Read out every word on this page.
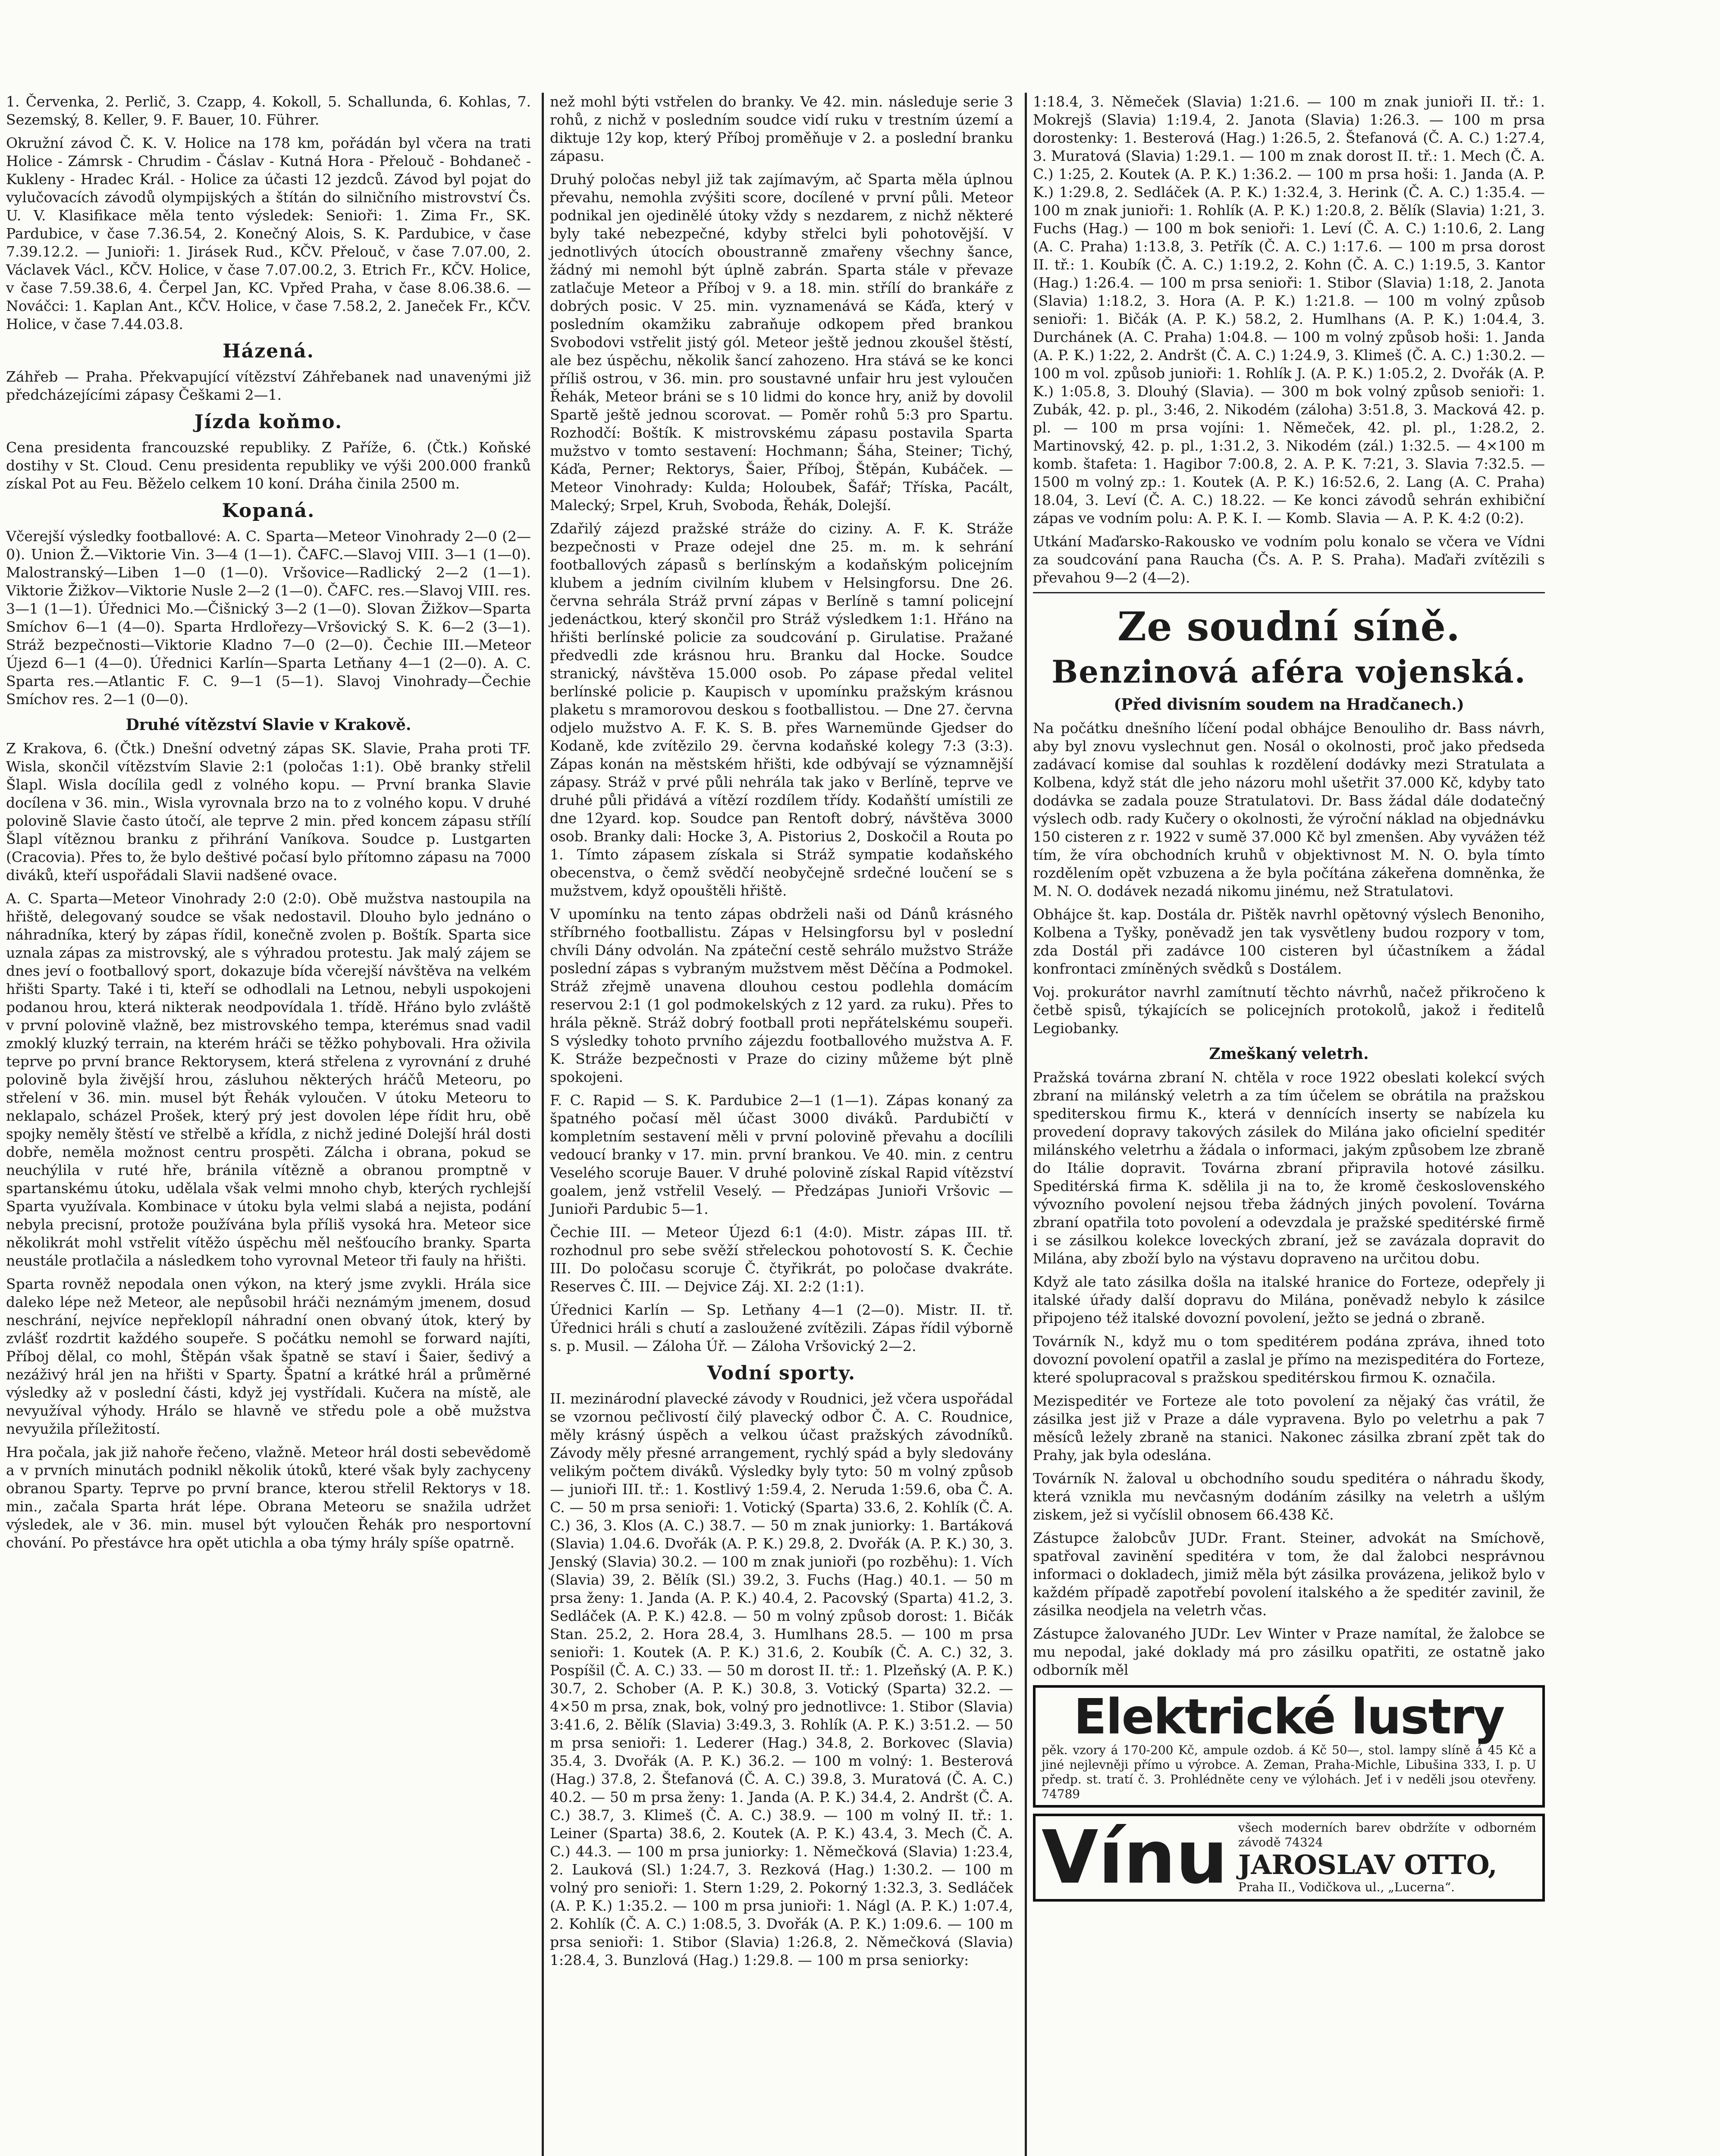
1. Červenka, 2. Perlič, 3. Czapp, 4. Kokoll, 5. Schallunda, 6. Kohlas, 7. Sezemský, 8. Keller, 9. F. Bauer, 10. Führer.
Okružní závod Č. K. V. Holice na 178 km, pořádán byl včera na trati Holice - Zámrsk - Chrudim - Čáslav - Kutná Hora - Přelouč - Bohdaneč - Kukleny - Hradec Král. - Holice za účasti 12 jezdců. Závod byl pojat do vylučovacích závodů olympijských a štítán do silničního mistrovství Čs. U. V. Klasifikace měla tento výsledek: Senioři: 1. Zima Fr., SK. Pardubice, v čase 7.36.54, 2. Konečný Alois, S. K. Pardubice, v čase 7.39.12.2. — Junioři: 1. Jirásek Rud., KČV. Přelouč, v čase 7.07.00, 2. Václavek Václ., KČV. Holice, v čase 7.07.00.2, 3. Etrich Fr., KČV. Holice, v čase 7.59.38.6, 4. Čerpel Jan, KC. Vpřed Praha, v čase 8.06.38.6. — Nováčci: 1. Kaplan Ant., KČV. Holice, v čase 7.58.2, 2. Janeček Fr., KČV. Holice, v čase 7.44.03.8.
Házená.
Záhřeb — Praha. Překvapující vítězství Záhřebanek nad unavenými již předcházejícími zápasy Češkami 2—1.
Jízda koňmo.
Cena presidenta francouzské republiky. Z Paříže, 6. (Čtk.) Koňské dostihy v St. Cloud. Cenu presidenta republiky ve výši 200.000 franků získal Pot au Feu. Běželo celkem 10 koní. Dráha činila 2500 m.
Kopaná.
Včerejší výsledky footballové: A. C. Sparta—Meteor Vinohrady 2—0 (2—0). Union Ž.—Viktorie Vin. 3—4 (1—1). ČAFC.—Slavoj VIII. 3—1 (1—0). Malostranský—Liben 1—0 (1—0). Vršovice—Radlický 2—2 (1—1). Viktorie Žižkov—Viktorie Nusle 2—2 (1—0). ČAFC. res.—Slavoj VIII. res. 3—1 (1—1). Úřednici Mo.—Čišnický 3—2 (1—0). Slovan Žižkov—Sparta Smíchov 6—1 (4—0). Sparta Hrdlořezy—Vršovický S. K. 6—2 (3—1). Stráž bezpečnosti—Viktorie Kladno 7—0 (2—0). Čechie III.—Meteor Újezd 6—1 (4—0). Úřednici Karlín—Sparta Letňany 4—1 (2—0). A. C. Sparta res.—Atlantic F. C. 9—1 (5—1). Slavoj Vinohrady—Čechie Smíchov res. 2—1 (0—0).
Druhé vítězství Slavie v Krakově.
Z Krakova, 6. (Čtk.) Dnešní odvetný zápas SK. Slavie, Praha proti TF. Wisla, skončil vítězstvím Slavie 2:1 (poločas 1:1). Obě branky střelil Šlapl. Wisla docílila gedl z volného kopu. — První branka Slavie docílena v 36. min., Wisla vyrovnala brzo na to z volného kopu. V druhé polovině Slavie často útočí, ale teprve 2 min. před koncem zápasu střílí Šlapl vítěznou branku z přihrání Vaníkova. Soudce p. Lustgarten (Cracovia). Přes to, že bylo deštivé počasí bylo přítomno zápasu na 7000 diváků, kteří uspořádali Slavii nadšené ovace.
A. C. Sparta—Meteor Vinohrady 2:0 (2:0). Obě mužstva nastoupila na hřiště, delegovaný soudce se však nedostavil. Dlouho bylo jednáno o náhradníka, který by zápas řídil, konečně zvolen p. Boštík. Sparta sice uznala zápas za mistrovský, ale s výhradou protestu. Jak malý zájem se dnes jeví o footballový sport, dokazuje bída včerejší návštěva na velkém hřišti Sparty. Také i ti, kteří se odhodlali na Letnou, nebyli uspokojeni podanou hrou, která nikterak neodpovídala 1. třídě. Hřáno bylo zvláště v první polovině vlažně, bez mistrovského tempa, kterémus snad vadil zmoklý kluzký terrain, na kterém hráči se těžko pohybovali. Hra oživila teprve po první brance Rektorysem, která střelena z vyrovnání z druhé polovině byla živější hrou, zásluhou některých hráčů Meteoru, po střelení v 36. min. musel být Řehák vyloučen. V útoku Meteoru to neklapalo, scházel Prošek, který prý jest dovolen lépe řídit hru, obě spojky neměly štěstí ve střelbě a křídla, z nichž jediné Dolejší hrál dosti dobře, neměla možnost centru prospěti. Zálcha i obrana, pokud se neuchýlila v ruté hře, bránila vítězně a obranou promptně v spartanskému útoku, udělala však velmi mnoho chyb, kterých rychlejší Sparta využívala. Kombinace v útoku byla velmi slabá a nejista, podání nebyla precisní, protože používána byla příliš vysoká hra. Meteor sice několikrát mohl vstřelit vítěžo úspěchu měl nešťoucího branky. Sparta neustále protlačila a následkem toho vyrovnal Meteor tři fauly na hřišti.
Sparta rovněž nepodala onen výkon, na který jsme zvykli. Hrála sice daleko lépe než Meteor, ale nepůsobil hráči neznámým jmenem, dosud neschrání, nejvíce nepřeklopíl náhradní onen obvaný útok, který by zvlášť rozdrtit každého soupeře. S počátku nemohl se forward najíti, Příboj dělal, co mohl, Štěpán však špatně se staví i Šaier, šedivý a nezáživý hrál jen na hřišti v Sparty. Špatní a krátké hrál a průměrné výsledky až v poslední části, když jej vystřídali. Kučera na místě, ale nevyužíval výhody. Hrálo se hlavně ve středu pole a obě mužstva nevyužila příležitostí.
Hra počala, jak již nahoře řečeno, vlažně. Meteor hrál dosti sebevědomě a v prvních minutách podnikl několik útoků, které však byly zachyceny obranou Sparty. Teprve po první brance, kterou střelil Rektorys v 18. min., začala Sparta hrát lépe. Obrana Meteoru se snažila udržet výsledek, ale v 36. min. musel být vyloučen Řehák pro nesportovní chování. Po přestávce hra opět utichla a oba týmy hrály spíše opatrně.
než mohl býti vstřelen do branky. Ve 42. min. následuje serie 3 rohů, z nichž v posledním soudce vidí ruku v trestním území a diktuje 12y kop, který Příboj proměňuje v 2. a poslední branku zápasu.
Druhý poločas nebyl již tak zajímavým, ač Sparta měla úplnou převahu, nemohla zvýšiti score, docílené v první půli. Meteor podnikal jen ojedinělé útoky vždy s nezdarem, z nichž některé byly také nebezpečné, kdyby střelci byli pohotovější. V jednotlivých útocích oboustranně zmařeny všechny šance, žádný mi nemohl být úplně zabrán. Sparta stále v převaze zatlačuje Meteor a Příboj v 9. a 18. min. střílí do brankáře z dobrých posic. V 25. min. vyznamenává se Káďa, který v posledním okamžiku zabraňuje odkopem před brankou Svobodovi vstřelit jistý gól. Meteor ještě jednou zkoušel štěstí, ale bez úspěchu, několik šancí zahozeno. Hra stává se ke konci příliš ostrou, v 36. min. pro soustavné unfair hru jest vyloučen Řehák, Meteor bráni se s 10 lidmi do konce hry, aniž by dovolil Spartě ještě jednou scorovat. — Poměr rohů 5:3 pro Spartu. Rozhodčí: Boštík. K mistrovskému zápasu postavila Sparta mužstvo v tomto sestavení: Hochmann; Šáha, Steiner; Tichý, Káďa, Perner; Rektorys, Šaier, Příboj, Štěpán, Kubáček. — Meteor Vinohrady: Kulda; Holoubek, Šafář; Tříska, Pacált, Malecký; Srpel, Kruh, Svoboda, Řehák, Dolejší.
Zdařilý zájezd pražské stráže do ciziny. A. F. K. Stráže bezpečnosti v Praze odejel dne 25. m. m. k sehrání footballových zápasů s berlínským a kodaňským policejním klubem a jedním civilním klubem v Helsingforsu. Dne 26. června sehrála Stráž první zápas v Berlíně s tamní policejní jedenáctkou, který skončil pro Stráž výsledkem 1:1. Hřáno na hřišti berlínské policie za soudcování p. Girulatise. Pražané předvedli zde krásnou hru. Branku dal Hocke. Soudce stranický, návštěva 15.000 osob. Po zápase předal velitel berlínské policie p. Kaupisch v upomínku pražským krásnou plaketu s mramorovou deskou s footballistou. — Dne 27. června odjelo mužstvo A. F. K. S. B. přes Warnemünde Gjedser do Kodaně, kde zvítězilo 29. června kodaňské kolegy 7:3 (3:3). Zápas konán na městském hřišti, kde odbývají se významnější zápasy. Stráž v prvé půli nehrála tak jako v Berlíně, teprve ve druhé půli přidává a vítězí rozdílem třídy. Kodaňští umístili ze dne 12yard. kop. Soudce pan Rentoft dobrý, návštěva 3000 osob. Branky dali: Hocke 3, A. Pistorius 2, Doskočil a Routa po 1. Tímto zápasem získala si Stráž sympatie kodaňského obecenstva, o čemž svědčí neobyčejně srdečné loučení se s mužstvem, když opouštěli hřiště.
V upomínku na tento zápas obdrželi naši od Dánů krásného stříbrného footballistu. Zápas v Helsingforsu byl v poslední chvíli Dány odvolán. Na zpáteční cestě sehrálo mužstvo Stráže poslední zápas s vybraným mužstvem měst Děčína a Podmokel. Stráž zřejmě unavena dlouhou cestou podlehla domácím reservou 2:1 (1 gol podmokelských z 12 yard. za ruku). Přes to hrála pěkně. Stráž dobrý football proti nepřátelskému soupeři. S výsledky tohoto prvního zájezdu footballového mužstva A. F. K. Stráže bezpečnosti v Praze do ciziny můžeme být plně spokojeni.
F. C. Rapid — S. K. Pardubice 2—1 (1—1). Zápas konaný za špatného počasí měl účast 3000 diváků. Pardubičtí v kompletním sestavení měli v první polovině převahu a docílili vedoucí branky v 17. min. první brankou. Ve 40. min. z centru Veselého scoruje Bauer. V druhé polovině získal Rapid vítězství goalem, jenž vstřelil Veselý. — Předzápas Junioři Vršovic — Junioři Pardubic 5—1.
Čechie III. — Meteor Újezd 6:1 (4:0). Mistr. zápas III. tř. rozhodnul pro sebe svěží střeleckou pohotovostí S. K. Čechie III. Do poločasu scoruje Č. čtyřikrát, po poločase dvakráte. Reserves Č. III. — Dejvice Záj. XI. 2:2 (1:1).
Úřednici Karlín — Sp. Letňany 4—1 (2—0). Mistr. II. tř. Úřednici hráli s chutí a zasloužené zvítězili. Zápas řídil výborně s. p. Musil. — Záloha Úř. — Záloha Vršovický 2—2.
Vodní sporty.
II. mezinárodní plavecké závody v Roudnici, jež včera uspořádal se vzornou pečlivostí čilý plavecký odbor Č. A. C. Roudnice, měly krásný úspěch a velkou účast pražských závodníků. Závody měly přesné arrangement, rychlý spád a byly sledovány velikým počtem diváků. Výsledky byly tyto: 50 m volný způsob — junioři III. tř.: 1. Kostlivý 1:59.4, 2. Neruda 1:59.6, oba Č. A. C. — 50 m prsa senioři: 1. Votický (Sparta) 33.6, 2. Kohlík (Č. A. C.) 36, 3. Klos (A. C.) 38.7. — 50 m znak juniorky: 1. Bartáková (Slavia) 1.04.6. Dvořák (A. P. K.) 29.8, 2. Dvořák (A. P. K.) 30, 3. Jenský (Slavia) 30.2. — 100 m znak junioři (po rozběhu): 1. Vích (Slavia) 39, 2. Bělík (Sl.) 39.2, 3. Fuchs (Hag.) 40.1. — 50 m prsa ženy: 1. Janda (A. P. K.) 40.4, 2. Pacovský (Sparta) 41.2, 3. Sedláček (A. P. K.) 42.8. — 50 m volný způsob dorost: 1. Bičák Stan. 25.2, 2. Hora 28.4, 3. Humlhans 28.5. — 100 m prsa senioři: 1. Koutek (A. P. K.) 31.6, 2. Koubík (Č. A. C.) 32, 3. Pospíšil (Č. A. C.) 33. — 50 m dorost II. tř.: 1. Plzeňský (A. P. K.) 30.7, 2. Schober (A. P. K.) 30.8, 3. Votický (Sparta) 32.2. — 4×50 m prsa, znak, bok, volný pro jednotlivce: 1. Stibor (Slavia) 3:41.6, 2. Bělík (Slavia) 3:49.3, 3. Rohlík (A. P. K.) 3:51.2. — 50 m prsa senioři: 1. Lederer (Hag.) 34.8, 2. Borkovec (Slavia) 35.4, 3. Dvořák (A. P. K.) 36.2. — 100 m volný: 1. Besterová (Hag.) 37.8, 2. Štefanová (Č. A. C.) 39.8, 3. Muratová (Č. A. C.) 40.2. — 50 m prsa ženy: 1. Janda (A. P. K.) 34.4, 2. Andršt (Č. A. C.) 38.7, 3. Klimeš (Č. A. C.) 38.9. — 100 m volný II. tř.: 1. Leiner (Sparta) 38.6, 2. Koutek (A. P. K.) 43.4, 3. Mech (Č. A. C.) 44.3. — 100 m prsa juniorky: 1. Němečková (Slavia) 1:23.4, 2. Lauková (Sl.) 1:24.7, 3. Rezková (Hag.) 1:30.2. — 100 m volný pro senioři: 1. Stern 1:29, 2. Pokorný 1:32.3, 3. Sedláček (A. P. K.) 1:35.2. — 100 m prsa junioři: 1. Nágl (A. P. K.) 1:07.4, 2. Kohlík (Č. A. C.) 1:08.5, 3. Dvořák (A. P. K.) 1:09.6. — 100 m prsa senioři: 1. Stibor (Slavia) 1:26.8, 2. Němečková (Slavia) 1:28.4, 3. Bunzlová (Hag.) 1:29.8. — 100 m prsa seniorky:
1:18.4, 3. Němeček (Slavia) 1:21.6. — 100 m znak junioři II. tř.: 1. Mokrejš (Slavia) 1:19.4, 2. Janota (Slavia) 1:26.3. — 100 m prsa dorostenky: 1. Besterová (Hag.) 1:26.5, 2. Štefanová (Č. A. C.) 1:27.4, 3. Muratová (Slavia) 1:29.1. — 100 m znak dorost II. tř.: 1. Mech (Č. A. C.) 1:25, 2. Koutek (A. P. K.) 1:36.2. — 100 m prsa hoši: 1. Janda (A. P. K.) 1:29.8, 2. Sedláček (A. P. K.) 1:32.4, 3. Herink (Č. A. C.) 1:35.4. — 100 m znak junioři: 1. Rohlík (A. P. K.) 1:20.8, 2. Bělík (Slavia) 1:21, 3. Fuchs (Hag.) — 100 m bok senioři: 1. Leví (Č. A. C.) 1:10.6, 2. Lang (A. C. Praha) 1:13.8, 3. Petřík (Č. A. C.) 1:17.6. — 100 m prsa dorost II. tř.: 1. Koubík (Č. A. C.) 1:19.2, 2. Kohn (Č. A. C.) 1:19.5, 3. Kantor (Hag.) 1:26.4. — 100 m prsa senioři: 1. Stibor (Slavia) 1:18, 2. Janota (Slavia) 1:18.2, 3. Hora (A. P. K.) 1:21.8. — 100 m volný způsob senioři: 1. Bičák (A. P. K.) 58.2, 2. Humlhans (A. P. K.) 1:04.4, 3. Durchánek (A. C. Praha) 1:04.8. — 100 m volný způsob hoši: 1. Janda (A. P. K.) 1:22, 2. Andršt (Č. A. C.) 1:24.9, 3. Klimeš (Č. A. C.) 1:30.2. — 100 m vol. způsob junioři: 1. Rohlík J. (A. P. K.) 1:05.2, 2. Dvořák (A. P. K.) 1:05.8, 3. Dlouhý (Slavia). — 300 m bok volný způsob senioři: 1. Zubák, 42. p. pl., 3:46, 2. Nikodém (záloha) 3:51.8, 3. Macková 42. p. pl. — 100 m prsa vojíni: 1. Němeček, 42. pl. pl., 1:28.2, 2. Martinovský, 42. p. pl., 1:31.2, 3. Nikodém (zál.) 1:32.5. — 4×100 m komb. štafeta: 1. Hagibor 7:00.8, 2. A. P. K. 7:21, 3. Slavia 7:32.5. — 1500 m volný zp.: 1. Koutek (A. P. K.) 16:52.6, 2. Lang (A. C. Praha) 18.04, 3. Leví (Č. A. C.) 18.22. — Ke konci závodů sehrán exhibiční zápas ve vodním polu: A. P. K. I. — Komb. Slavia — A. P. K. 4:2 (0:2).
Utkání Maďarsko-Rakousko ve vodním polu konalo se včera ve Vídni za soudcování pana Raucha (Čs. A. P. S. Praha). Maďaři zvítězili s převahou 9—2 (4—2).
Ze soudní síně.
Benzinová aféra vojenská.
(Před divisním soudem na Hradčanech.)
Na počátku dnešního líčení podal obhájce Benouliho dr. Bass návrh, aby byl znovu vyslechnut gen. Nosál o okolnosti, proč jako předseda zadávací komise dal souhlas k rozdělení dodávky mezi Stratulata a Kolbena, když stát dle jeho názoru mohl ušetřit 37.000 Kč, kdyby tato dodávka se zadala pouze Stratulatovi. Dr. Bass žádal dále dodatečný výslech odb. rady Kučery o okolnosti, že výroční náklad na objednávku 150 cisteren z r. 1922 v sumě 37.000 Kč byl zmenšen. Aby vyvážen též tím, že víra obchodních kruhů v objektivnost M. N. O. byla tímto rozdělením opět vzbuzena a že byla počítána zákeřena domněnka, že M. N. O. dodávek nezadá nikomu jinému, než Stratulatovi.
Obhájce št. kap. Dostála dr. Pištěk navrhl opětovný výslech Benoniho, Kolbena a Tyšky, poněvadž jen tak vysvětleny budou rozpory v tom, zda Dostál při zadávce 100 cisteren byl účastníkem a žádal konfrontaci zmíněných svědků s Dostálem.
Voj. prokurátor navrhl zamítnutí těchto návrhů, načež přikročeno k četbě spisů, týkajících se policejních protokolů, jakož i ředitelů Legiobanky.
Zmeškaný veletrh.
Pražská továrna zbraní N. chtěla v roce 1922 obeslati kolekcí svých zbraní na milánský veletrh a za tím účelem se obrátila na pražskou spediterskou firmu K., která v dennících inserty se nabízela ku provedení dopravy takových zásilek do Milána jako oficielní speditér milánského veletrhu a žádala o informaci, jakým způsobem lze zbraně do Itálie dopravit. Továrna zbraní připravila hotové zásilku. Speditérská firma K. sdělila ji na to, že kromě československého vývozního povolení nejsou třeba žádných jiných povolení. Továrna zbraní opatřila toto povolení a odevzdala je pražské speditérské firmě i se zásilkou kolekce loveckých zbraní, jež se zavázala dopravit do Milána, aby zboží bylo na výstavu dopraveno na určitou dobu.
Když ale tato zásilka došla na italské hranice do Forteze, odepřely ji italské úřady další dopravu do Milána, poněvadž nebylo k zásilce připojeno též italské dovozní povolení, ježto se jedná o zbraně.
Továrník N., když mu o tom speditérem podána zpráva, ihned toto dovozní povolení opatřil a zaslal je přímo na mezispeditéra do Forteze, které spolupracoval s pražskou speditérskou firmou K. označila.
Mezispeditér ve Forteze ale toto povolení za nějaký čas vrátil, že zásilka jest již v Praze a dále vypravena. Bylo po veletrhu a pak 7 měsíců ležely zbraně na stanici. Nakonec zásilka zbraní zpět tak do Prahy, jak byla odeslána.
Továrník N. žaloval u obchodního soudu speditéra o náhradu škody, která vznikla mu nevčasným dodáním zásilky na veletrh a ušlým ziskem, jež si vyčíslil obnosem 66.438 Kč.
Zástupce žalobcův JUDr. Frant. Steiner, advokát na Smíchově, spatřoval zavinění speditéra v tom, že dal žalobci nesprávnou informaci o dokladech, jimiž měla být zásilka provázena, jelikož bylo v každém případě zapotřebí povolení italského a že speditér zavinil, že zásilka neodjela na veletrh včas.
Zástupce žalovaného JUDr. Lev Winter v Praze namítal, že žalobce se mu nepodal, jaké doklady má pro zásilku opatřiti, ze ostatně jako odborník měl
Elektrické lustry
pěk. vzory á 170-200 Kč, ampule ozdob. á Kč 50—, stol. lampy slíně á 45 Kč a jiné nejlevněji přímo u výrobce. A. Zeman, Praha-Michle, Libušina 333, I. p. U předp. st. tratí č. 3. Prohlédněte ceny ve výlohách. Jeť i v neděli jsou otevřeny. 74789
Vínu všech moderních barev obdržíte v odborném závodě 74324
JAROSLAV OTTO,
Praha II., Vodičkova ul., „Lucerna“.
